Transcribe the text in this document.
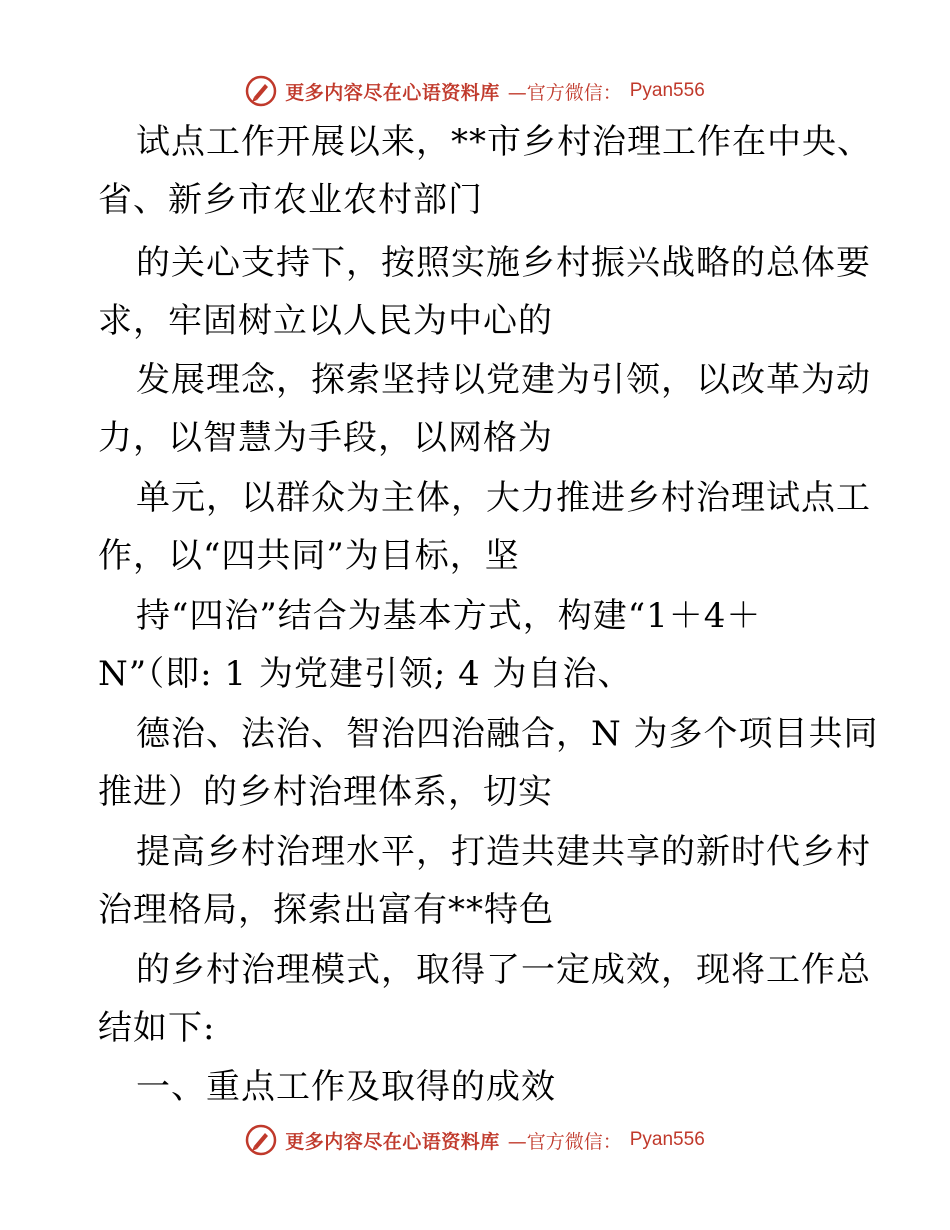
更多内容尽在心语资料库 —官方微信： Pyan556
试点工作开展以来，**市乡村治理工作在中央、
省、新乡市农业农村部门
的关心支持下，按照实施乡村振兴战略的总体要
求，牢固树立以人民为中心的
发展理念，探索坚持以党建为引领，以改革为动
力，以智慧为手段，以网格为
单元，以群众为主体，大力推进乡村治理试点工
作，以“四共同”为目标，坚
持“四治”结合为基本方式，构建“1＋4＋
N”（即: 1 为党建引领; 4 为自治、
德治、法治、智治四治融合，N 为多个项目共同
推进）的乡村治理体系，切实
提高乡村治理水平，打造共建共享的新时代乡村
治理格局，探索出富有**特色
的乡村治理模式，取得了一定成效，现将工作总
结如下:
一、重点工作及取得的成效
更多内容尽在心语资料库 —官方微信： Pyan556
